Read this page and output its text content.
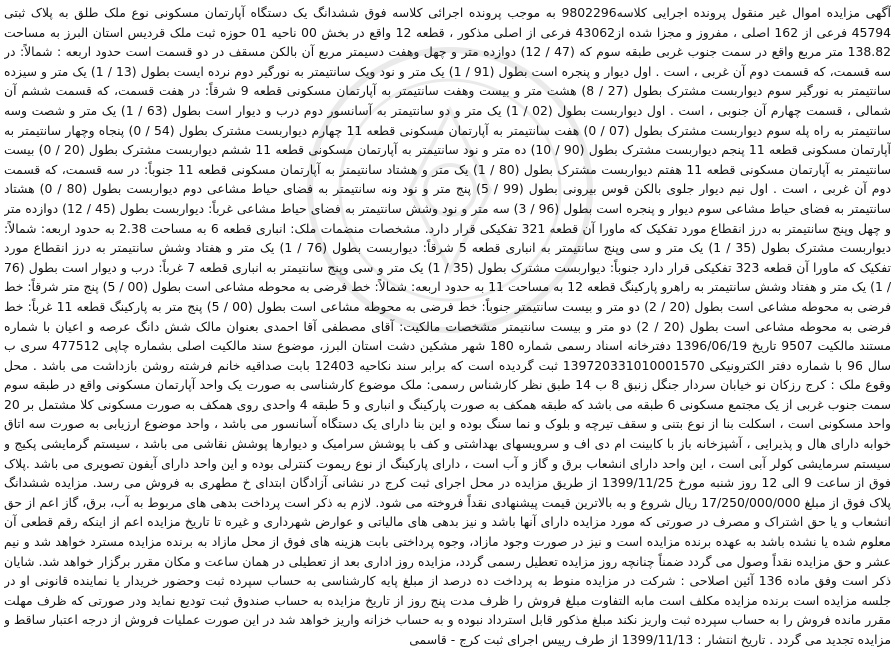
آگهی مزایده اموال غیر منقول پرونده اجرایی کلاسه9802296 به موجب پرونده اجرائی کلاسه فوق ششدانگ یک دستگاه آپارتمان مسکونی نوع ملک طلق به پلاک ثبتی 45794 فرعی از 162 اصلی ، مفروز و مجزا شده از43062 فرعی از اصلی مذکور ، قطعه 12 واقع در بخش 00 ناحیه 01 حوزه ثبت ملک قردیس استان البرز به مساحت 138.82 متر مربع واقع در سمت جنوب غربی طبقه سوم که (47 / 12) دوازده متر و چهل وهفت دسیمتر مربع آن بالکن مسقف در دو قسمت است حدود اربعه : شمالاً: در سه قسمت، که قسمت دوم آن غربی ، است . اول دیوار و پنجره است بطول (91 / 1) یک متر و نود ویک سانتیمتر به نورگیر دوم نرده ایست بطول (13 / 1) یک متر و سیزده سانتیمتر به نورگیر سوم دیواربست مشترک بطول (27 / 8) هشت متر و بیست وهفت سانتیمتر به آپارتمان مسکونی قطعه 9 شرقاً: در هفت قسمت، که قسمت ششم آن شمالی ، قسمت چهارم آن جنوبی ، است . اول دیواربست بطول (02 / 1) یک متر و دو سانتیمتر به آسانسور دوم درب و دیوار است بطول (63 / 1) یک متر و شصت وسه سانتیمتر به راه پله سوم دیواربست مشترک بطول (07 / 0) هفت سانتیمتر به آپارتمان مسکونی قطعه 11 چهارم دیواربست مشترک بطول (54 / 0) پنجاه وچهار سانتیمتر به آپارتمان مسکونی قطعه 11 پنجم دیواربست مشترک بطول (90 / 10) ده متر و نود سانتیمتر به آپارتمان مسکونی قطعه 11 ششم دیواربست مشترک بطول (20 / 0) بیست سانتیمتر به آپارتمان مسکونی قطعه 11 هفتم دیواربست مشترک بطول (80 / 1) یک متر و هشتاد سانتیمتر به آپارتمان مسکونی قطعه 11 جنوباً: در سه قسمت، که قسمت دوم آن غربی ، است . اول نیم دیوار جلوی بالکن قوس بیرونی بطول (99 / 5) پنج متر و نود ونه سانتیمتر به فضای حیاط مشاعی دوم دیواربست بطول (80 / 0) هشتاد سانتیمتر به فضای حیاط مشاعی سوم دیوار و پنجره است بطول (96 / 3) سه متر و نود وشش سانتیمتر به فضای حیاط مشاعی غرباً: دیواربست بطول (45 / 12) دوازده متر و چهل وپنج سانتیمتر به درز انقطاع مورد تفکیک که ماورا آن قطعه 321 تفکیکی قرار دارد. مشخصات منضمات ملک: انباری قطعه 6 به مساحت 2.38 به حدود اربعه: شمالاً: دیواربست مشترک بطول (35 / 1) یک متر و سی وپنج سانتیمتر به انباری قطعه 5 شرقاً: دیواربست بطول (76 / 1) یک متر و هفتاد وشش سانتیمتر به درز انقطاع مورد تفکیک که ماورا آن قطعه 323 تفکیکی قرار دارد جنوباً: دیواربست مشترک بطول (35 / 1) یک متر و سی وپنج سانتیمتر به انباری قطعه 7 غرباً: درب و دیوار است بطول (76 / 1) یک متر و هفتاد وشش سانتیمتر به راهرو پارکینگ قطعه 12 به مساحت 11 به حدود اربعه: شمالاً: خط فرضی به محوطه مشاعی است بطول (00 / 5) پنج متر شرقاً: خط فرضی به محوطه مشاعی است بطول (20 / 2) دو متر و بیست سانتیمتر جنوباً: خط فرضی به محوطه مشاعی است بطول (00 / 5) پنج متر به پارکینگ قطعه 11 غرباً: خط فرضی به محوطه مشاعی است بطول (20 / 2) دو متر و بیست سانتیمتر مشخصات مالکیت: آقای مصطفی آقا احمدی بعنوان مالک شش دانگ عرصه و اعیان با شماره مستند مالکیت 9507 تاریخ 1396/06/19 دفترخانه اسناد رسمی شماره 180 شهر مشکین دشت استان البرز، موضوع سند مالکیت اصلی بشماره چاپی 477512 سری ب سال 96 با شماره دفتر الکترونیکی 139720331010001570 ثبت گردیده است که برابر سند نکاحیه 12403 بابت صداقیه خانم فرشته روشن بازداشت می باشد . محل وقوع ملک : کرج رزکان نو خیابان سردار جنگل زنبق 8 ب 14 طبق نظر کارشناس رسمی: ملک موضوع کارشناسی به صورت یک واحد آپارتمان مسکونی واقع در طبقه سوم سمت جنوب غربی از یک مجتمع مسکونی 6 طبقه می باشد که طبقه همکف به صورت پارکینگ و انباری و 5 طبقه 4 واحدی روی همکف به صورت مسکونی کلا مشتمل بر 20 واحد مسکونی است ، اسکلت بنا از نوع بتنی و سقف تیرچه و بلوک و نما سنگ بوده و این بنا دارای یک دستگاه آسانسور می باشد ، واحد موضوع ارزیابی به صورت سه اتاق خوابه دارای هال و پذیرایی ، آشپزخانه باز با کابینت ام دی اف و سرویسهای بهداشتی و کف با پوشش سرامیک و دیوارها پوشش نقاشی می باشد ، سیستم گرمایشی پکیج و سیستم سرمایشی کولر آبی است ، این واحد دارای انشعاب برق و گاز و آب است ، دارای پارکینگ از نوع ریموت کنترلی بوده و این واحد دارای آیفون تصویری می باشد .پلاک فوق از ساعت 9 الی 12 روز شنبه مورخ 1399/11/25 از طریق مزایده در محل اجرای ثبت کرج در نشانی آزادگان ابتدای خ مطهری به فروش می رسد. مزایده ششدانگ پلاک فوق از مبلغ 17/250/000/000 ریال شروع و به بالاترین قیمت پیشنهادی نقداً فروخته می شود. لازم به ذکر است پرداخت بدهی های مربوط به آب، برق، گاز اعم از حق انشعاب و یا حق اشتراک و مصرف در صورتی که مورد مزایده دارای آنها باشد و نیز بدهی های مالیاتی و عوارض شهرداری و غیره تا تاریخ مزایده اعم از اینکه رقم قطعی آن معلوم شده یا نشده باشد به عهده برنده مزایده است و نیز در صورت وجود مازاد، وجوه پرداختی بابت هزینه های فوق از محل مازاد به برنده مزایده مسترد خواهد شد و نیم عشر و حق مزایده نقداً وصول می گردد ضمناً چنانچه روز مزایده تعطیل رسمی گردد، مزایده روز اداری بعد از تعطیلی در همان ساعت و مکان مقرر برگزار خواهد شد. شایان ذکر است وفق ماده 136 آئین اصلاحی : شرکت در مزایده منوط به پرداخت ده درصد از مبلغ پایه کارشناسی به حساب سپرده ثبت وحضور خریدار یا نماینده قانونی او در جلسه مزایده است برنده مزایده مکلف است مابه التفاوت مبلغ فروش را ظرف مدت پنج روز از تاریخ مزایده به حساب صندوق ثبت تودیع نماید ودر صورتی که ظرف مهلت مقرر مانده فروش را به حساب سپرده ثبت واریز نکند مبلغ مذکور قابل استرداد نبوده و به حساب خزانه واریز خواهد شد در این صورت عملیات فروش از درجه اعتبار ساقط و مزایده تجدید می گردد . تاریخ انتشار : 1399/11/13 از طرف رییس اجرای ثبت کرج - قاسمی
